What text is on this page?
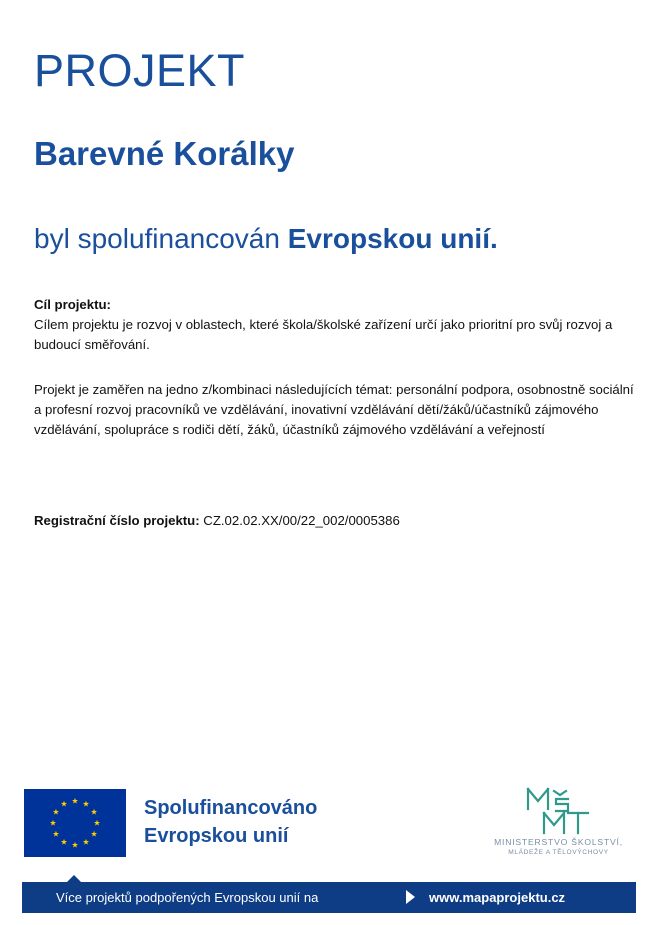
PROJEKT
Barevné Korálky
byl spolufinancován Evropskou unií.
Cíl projektu:
Cílem projektu je rozvoj v oblastech, které škola/školské zařízení určí jako prioritní pro svůj rozvoj a budoucí směřování.
Projekt je zaměřen na jedno z/kombinaci následujících témat: personální podpora, osobnostně sociální a profesní rozvoj pracovníků ve vzdělávání, inovativní vzdělávání dětí/žáků/účastníků zájmového vzdělávání, spolupráce s rodiči dětí, žáků, účastníků zájmového vzdělávání a veřejností
Registrační číslo projektu: CZ.02.02.XX/00/22_002/0005386
Spolufinancováno
Evropskou unií	MINISTERSTVO ŠKOLSTVÍ,
MLÁDEŽE A TĚLOVÝCHOVY
Více projektů podpořených Evropskou unií na	www.mapaprojektu.cz
